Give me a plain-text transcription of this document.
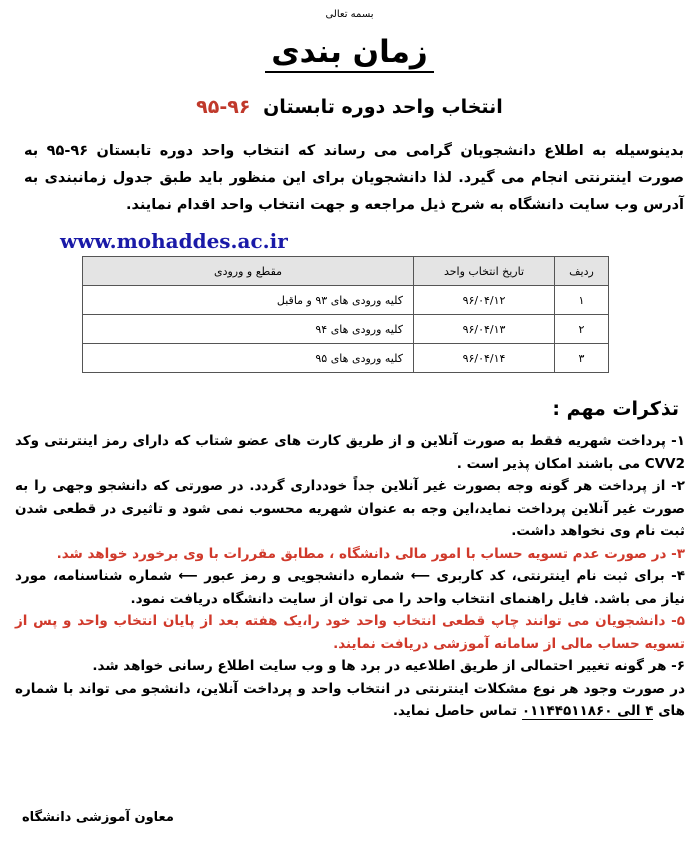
بسمه تعالی
زمان بندی
انتخاب واحد دوره تابستان ۹۶-۹۵
بدینوسیله به اطلاع دانشجویان گرامی می رساند که انتخاب واحد دوره تابستان ۹۶-۹۵ به صورت اینترنتی انجام می گیرد. لذا دانشجویان برای این منظور باید طبق جدول زمانبندی به آدرس وب سایت دانشگاه به شرح ذیل مراجعه و جهت انتخاب واحد اقدام نمایند.
www.mohaddes.ac.ir
ردیف	تاریخ انتخاب واحد	مقطع و ورودی
۱	۹۶/۰۴/۱۲	کلیه ورودی های ۹۳ و ماقبل
۲	۹۶/۰۴/۱۳	کلیه ورودی های ۹۴
۳	۹۶/۰۴/۱۴	کلیه ورودی های ۹۵
تذکرات مهم :

۱- پرداخت شهریه فقط به صورت آنلاین و از طریق کارت های عضو شتاب که دارای رمز اینترنتی وکد CVV2 می باشند امکان پذیر است .

۲- از پرداخت هر گونه وجه بصورت غیر آنلاین جداً خودداری گردد. در صورتی که دانشجو وجهی را به صورت غیر آنلاین پرداخت نماید،این وجه به عنوان شهریه محسوب نمی شود و تاثیری در قطعی شدن ثبت نام وی نخواهد داشت.

۳- در صورت عدم تسویه حساب با امور مالی دانشگاه ، مطابق مقررات با وی برخورد خواهد شد.

۴- برای ثبت نام اینترنتی، کد کاربری ⟵ شماره دانشجویی و رمز عبور ⟵ شماره شناسنامه، مورد نیاز می باشد. فایل راهنمای انتخاب واحد را می توان از سایت دانشگاه دریافت نمود.

۵- دانشجویان می توانند چاپ قطعی انتخاب واحد خود را،یک هفته بعد از پایان انتخاب واحد و پس از تسویه حساب مالی از سامانه آموزشی دریافت نمایند.

۶- هر گونه تغییر احتمالی از طریق اطلاعیه در برد ها و وب سایت اطلاع رسانی خواهد شد.

در صورت وجود هر نوع مشکلات اینترنتی در انتخاب واحد و پرداخت آنلاین، دانشجو می تواند با شماره های ۴ الی ۰۱۱۴۴۵۱۱۸۶۰ تماس حاصل نماید.

معاون آموزشی دانشگاه
